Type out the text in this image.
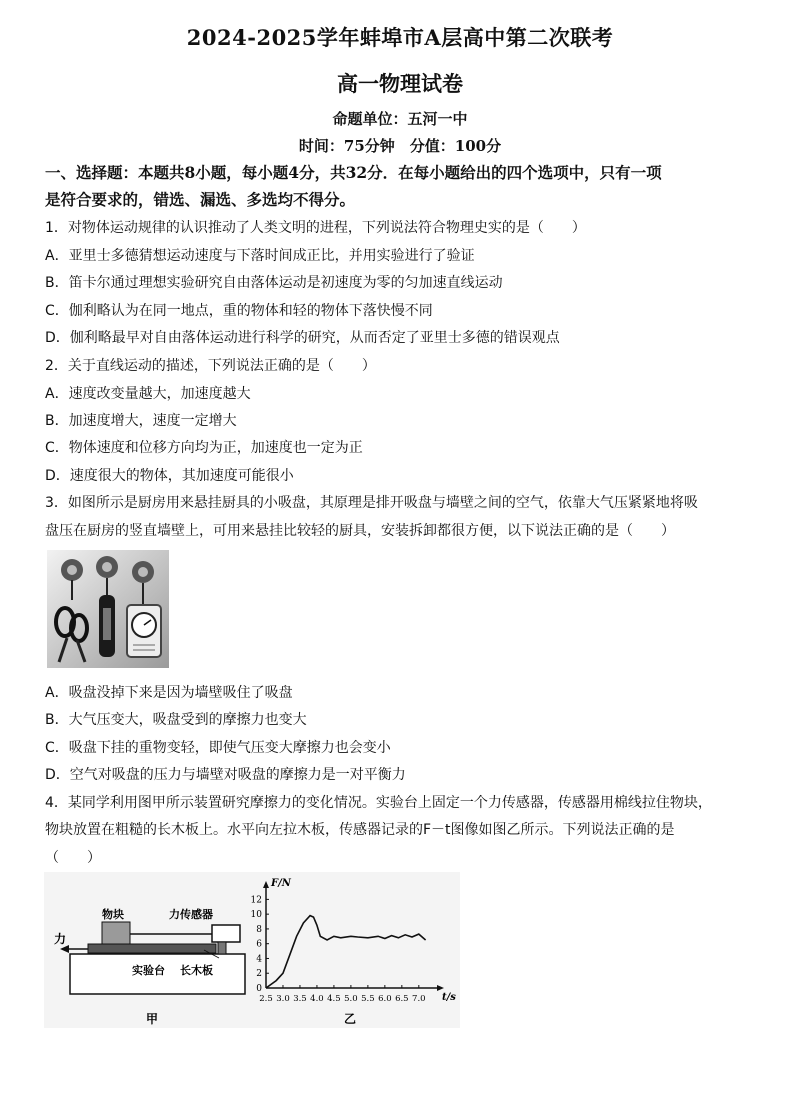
2024-2025学年蚌埠市A层高中第二次联考
高一物理试卷
命题单位：五河一中
时间：75分钟　分值：100分
一、选择题：本题共8小题，每小题4分，共32分．在每小题给出的四个选项中，只有一项
是符合要求的，错选、漏选、多选均不得分。
1．对物体运动规律的认识推动了人类文明的进程，下列说法符合物理史实的是（　　）
A．亚里士多德猜想运动速度与下落时间成正比，并用实验进行了验证
B．笛卡尔通过理想实验研究自由落体运动是初速度为零的匀加速直线运动
C．伽利略认为在同一地点，重的物体和轻的物体下落快慢不同
D．伽利略最早对自由落体运动进行科学的研究，从而否定了亚里士多德的错误观点
2．关于直线运动的描述，下列说法正确的是（　　）
A．速度改变量越大，加速度越大
B．加速度增大，速度一定增大
C．物体速度和位移方向均为正，加速度也一定为正
D．速度很大的物体，其加速度可能很小
3．如图所示是厨房用来悬挂厨具的小吸盘，其原理是排开吸盘与墙壁之间的空气，依靠大气压紧紧地将吸
盘压在厨房的竖直墙壁上，可用来悬挂比较轻的厨具，安装拆卸都很方便，以下说法正确的是（　　）
A．吸盘没掉下来是因为墙壁吸住了吸盘
B．大气压变大，吸盘受到的摩擦力也变大
C．吸盘下挂的重物变轻，即使气压变大摩擦力也会变小
D．空气对吸盘的压力与墙壁对吸盘的摩擦力是一对平衡力
4．某同学利用图甲所示装置研究摩擦力的变化情况。实验台上固定一个力传感器，传感器用棉线拉住物块，
物块放置在粗糙的长木板上。水平向左拉木板，传感器记录的F－t图像如图乙所示。下列说法正确的是
（　　）
物块	力传感器
力
实验台 长木板
甲
F/N
t/s
0
2
4
6
8
10
12
2.5 3.0 3.5 4.0 4.5 5.0 5.5 6.0 6.5 7.0
乙
